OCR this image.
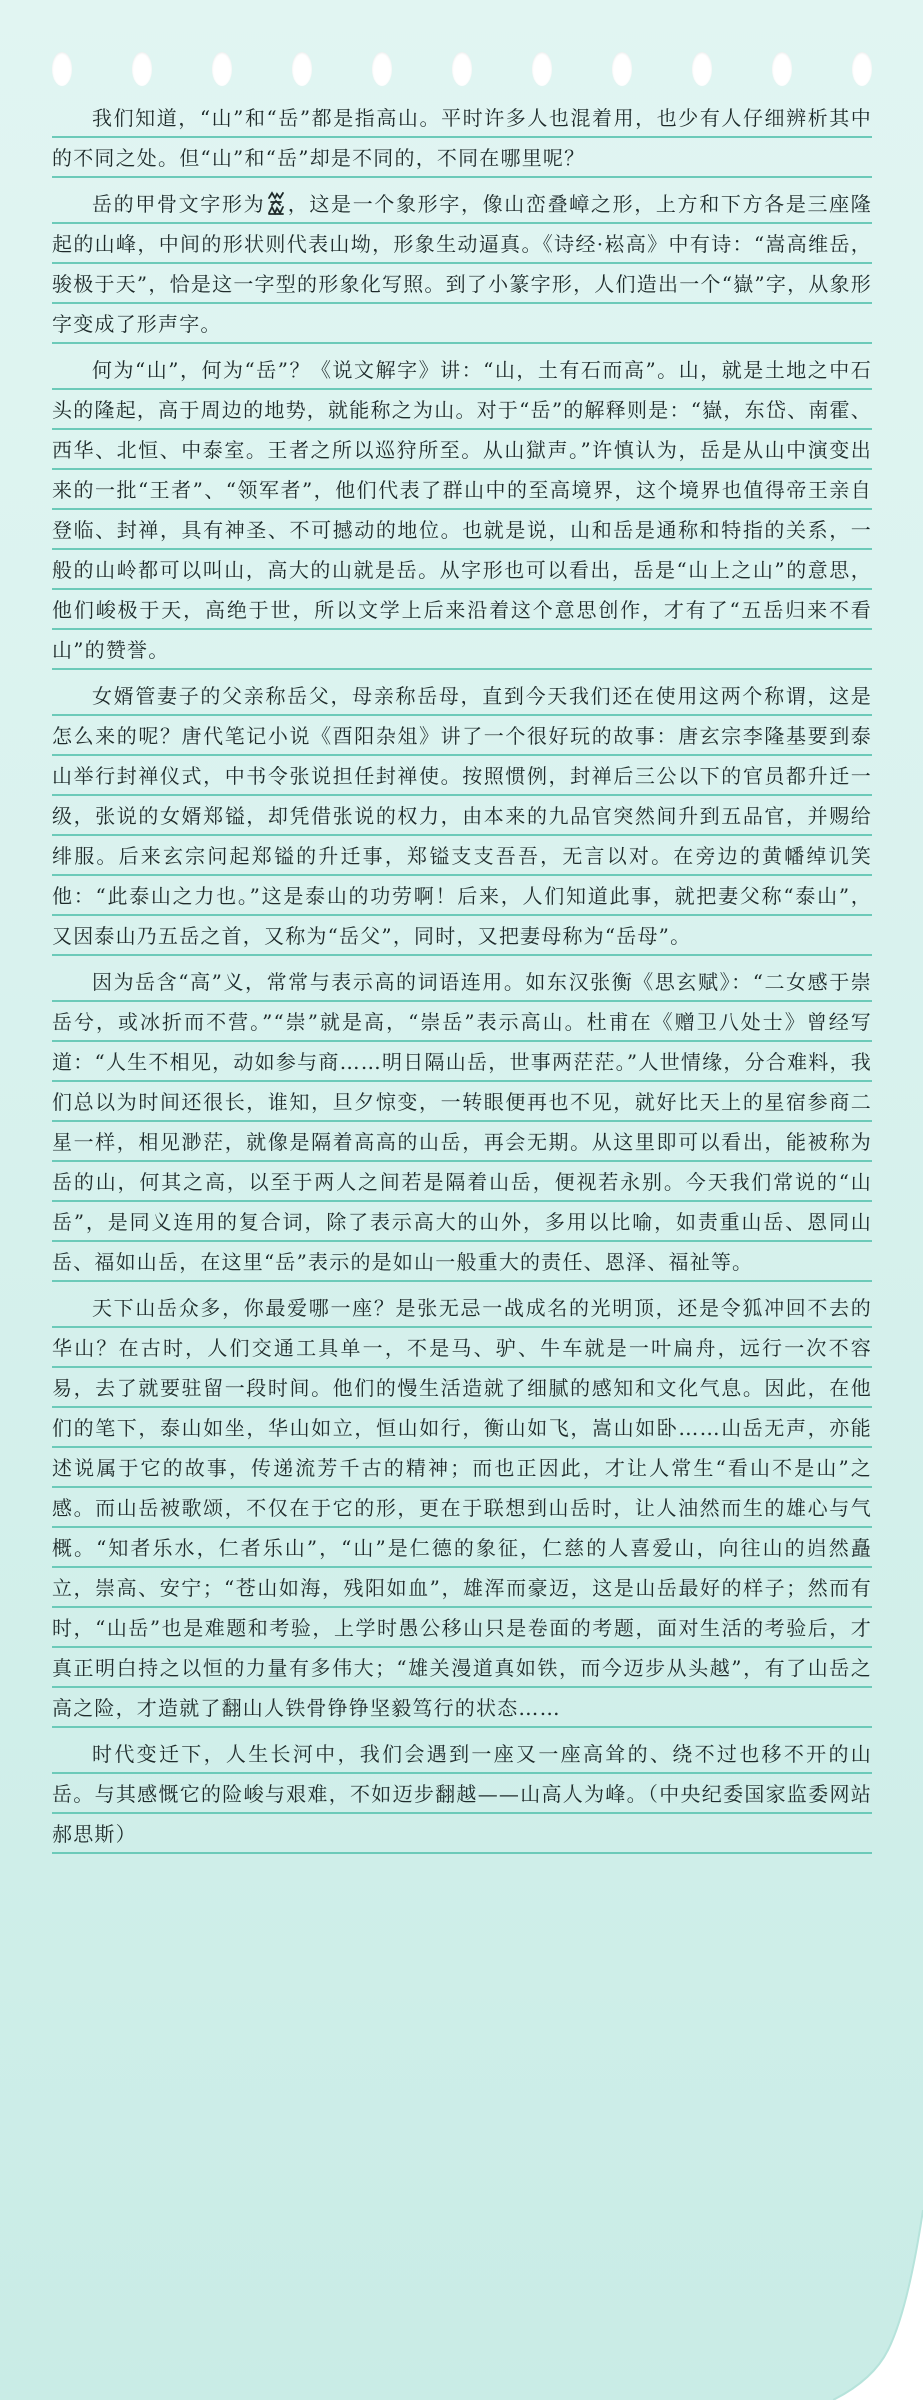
我们知道，“山”和“岳”都是指高山。平时许多人也混着用，也少有人仔细辨析其中的不同之处。但“山”和“岳”却是不同的，不同在哪里呢？

岳的甲骨文字形为 ，这是一个象形字，像山峦叠嶂之形，上方和下方各是三座隆起的山峰，中间的形状则代表山坳，形象生动逼真。《诗经·崧高》中有诗：“嵩高维岳，骏极于天”，恰是这一字型的形象化写照。到了小篆字形，人们造出一个“嶽”字，从象形字变成了形声字。

何为“山”，何为“岳”？《说文解字》讲：“山，土有石而高”。山，就是土地之中石头的隆起，高于周边的地势，就能称之为山。对于“岳”的解释则是：“嶽，东岱、南霍、西华、北恒、中泰室。王者之所以巡狩所至。从山獄声。”许慎认为，岳是从山中演变出来的一批“王者”、“领军者”，他们代表了群山中的至高境界，这个境界也值得帝王亲自登临、封禅，具有神圣、不可撼动的地位。也就是说，山和岳是通称和特指的关系，一般的山岭都可以叫山，高大的山就是岳。从字形也可以看出，岳是“山上之山”的意思，他们峻极于天，高绝于世，所以文学上后来沿着这个意思创作，才有了“五岳归来不看山”的赞誉。

女婿管妻子的父亲称岳父，母亲称岳母，直到今天我们还在使用这两个称谓，这是怎么来的呢？唐代笔记小说《酉阳杂俎》讲了一个很好玩的故事：唐玄宗李隆基要到泰山举行封禅仪式，中书令张说担任封禅使。按照惯例，封禅后三公以下的官员都升迁一级，张说的女婿郑镒，却凭借张说的权力，由本来的九品官突然间升到五品官，并赐给绯服。后来玄宗问起郑镒的升迁事，郑镒支支吾吾，无言以对。在旁边的黄幡绰讥笑他：“此泰山之力也。”这是泰山的功劳啊！后来，人们知道此事，就把妻父称“泰山”，又因泰山乃五岳之首，又称为“岳父”，同时，又把妻母称为“岳母”。

因为岳含“高”义，常常与表示高的词语连用。如东汉张衡《思玄赋》：“二女感于崇岳兮，或冰折而不营。”“崇”就是高，“崇岳”表示高山。杜甫在《赠卫八处士》曾经写道：“人生不相见，动如参与商……明日隔山岳，世事两茫茫。”人世情缘，分合难料，我们总以为时间还很长，谁知，旦夕惊变，一转眼便再也不见，就好比天上的星宿参商二星一样，相见渺茫，就像是隔着高高的山岳，再会无期。从这里即可以看出，能被称为岳的山，何其之高，以至于两人之间若是隔着山岳，便视若永别。今天我们常说的“山岳”，是同义连用的复合词，除了表示高大的山外，多用以比喻，如责重山岳、恩同山岳、福如山岳，在这里“岳”表示的是如山一般重大的责任、恩泽、福祉等。

天下山岳众多，你最爱哪一座？是张无忌一战成名的光明顶，还是令狐冲回不去的华山？在古时，人们交通工具单一，不是马、驴、牛车就是一叶扁舟，远行一次不容易，去了就要驻留一段时间。他们的慢生活造就了细腻的感知和文化气息。因此，在他们的笔下，泰山如坐，华山如立，恒山如行，衡山如飞，嵩山如卧……山岳无声，亦能述说属于它的故事，传递流芳千古的精神；而也正因此，才让人常生“看山不是山”之感。而山岳被歌颂，不仅在于它的形，更在于联想到山岳时，让人油然而生的雄心与气概。“知者乐水，仁者乐山”，“山”是仁德的象征，仁慈的人喜爱山，向往山的岿然矗立，崇高、安宁；“苍山如海，残阳如血”，雄浑而豪迈，这是山岳最好的样子；然而有时，“山岳”也是难题和考验，上学时愚公移山只是卷面的考题，面对生活的考验后，才真正明白持之以恒的力量有多伟大；“雄关漫道真如铁，而今迈步从头越”，有了山岳之高之险，才造就了翻山人铁骨铮铮坚毅笃行的状态……

时代变迁下，人生长河中，我们会遇到一座又一座高耸的、绕不过也移不开的山岳。与其感慨它的险峻与艰难，不如迈步翻越——山高人为峰。（中央纪委国家监委网站　郝思斯）
